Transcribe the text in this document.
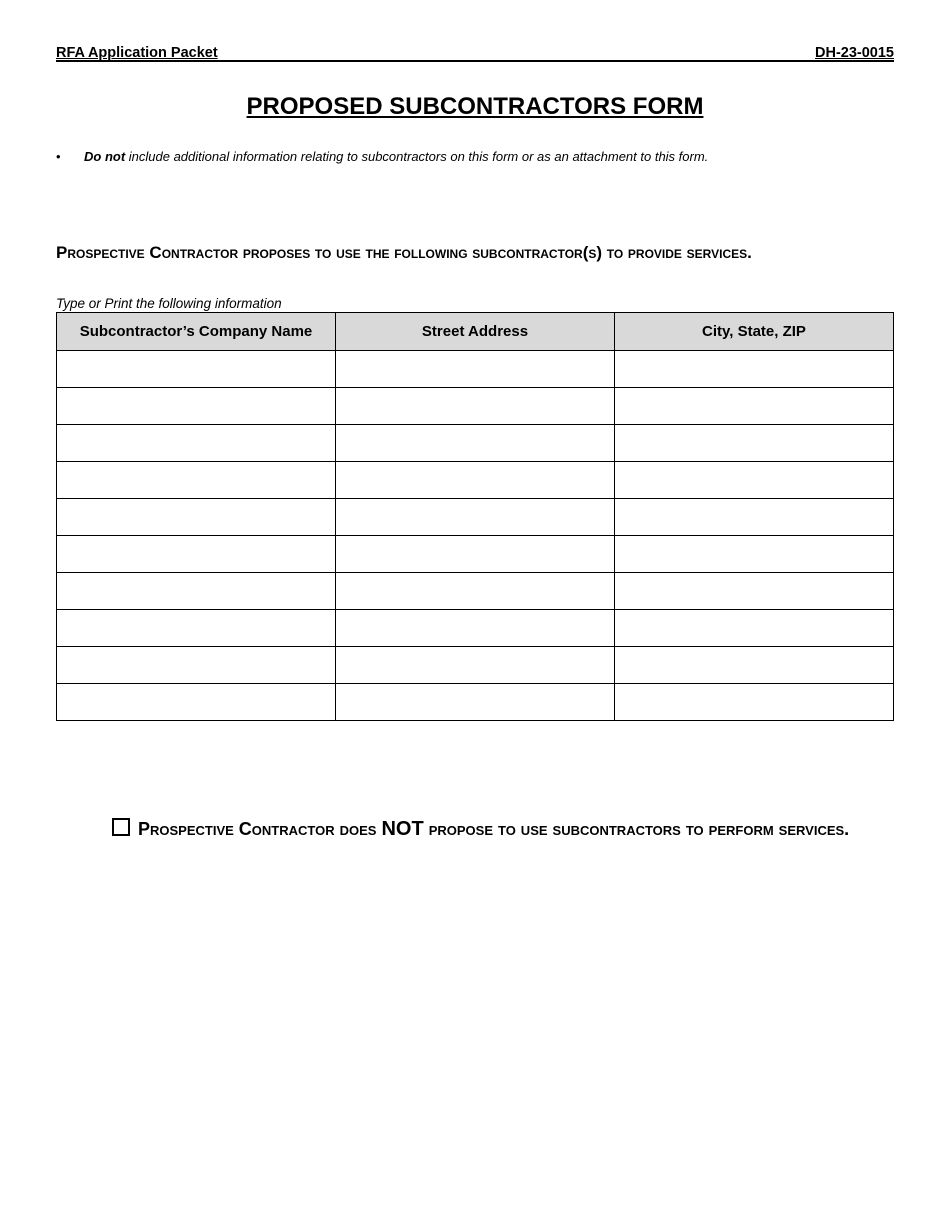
RFA Application Packet	DH-23-0015
PROPOSED SUBCONTRACTORS FORM
• Do not include additional information relating to subcontractors on this form or as an attachment to this form.
Prospective Contractor proposes to use the following subcontractor(s) to provide services.
Type or Print the following information
Subcontractor’s Company Name	Street Address	City, State, ZIP

Prospective Contractor does NOT propose to use subcontractors to perform services.
